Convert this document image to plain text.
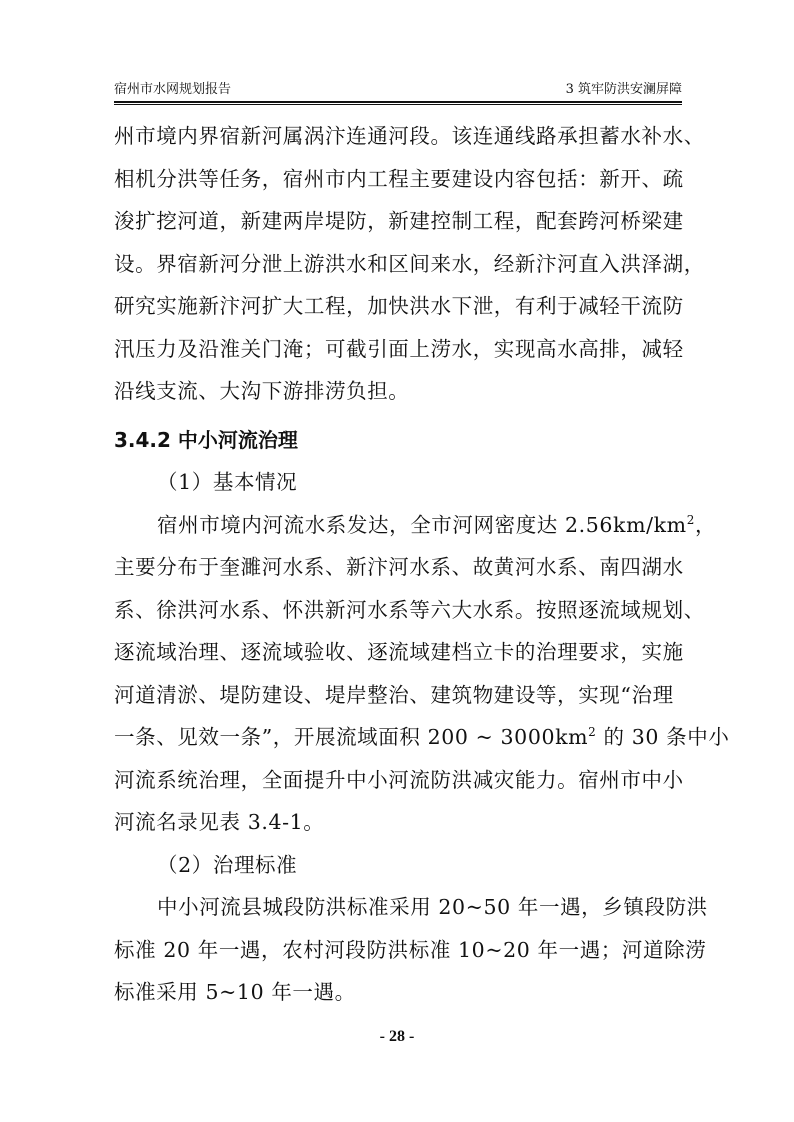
宿州市水网规划报告	3 筑牢防洪安澜屏障
州市境内界宿新河属涡汴连通河段。该连通线路承担蓄水补水、
相机分洪等任务，宿州市内工程主要建设内容包括：新开、疏
浚扩挖河道，新建两岸堤防，新建控制工程，配套跨河桥梁建
设。界宿新河分泄上游洪水和区间来水，经新汴河直入洪泽湖，
研究实施新汴河扩大工程，加快洪水下泄，有利于减轻干流防
汛压力及沿淮关门淹；可截引面上涝水，实现高水高排，减轻
沿线支流、大沟下游排涝负担。
3.4.2 中小河流治理
（1）基本情况
宿州市境内河流水系发达，全市河网密度达 $2.56km/km^2$，
主要分布于奎濉河水系、新汴河水系、故黄河水系、南四湖水
系、徐洪河水系、怀洪新河水系等六大水系。按照逐流域规划、
逐流域治理、逐流域验收、逐流域建档立卡的治理要求，实施
河道清淤、堤防建设、堤岸整治、建筑物建设等，实现“治理
一条、见效一条”，开展流域面积 200 ~ $3000km^2$ 的 30 条中小
河流系统治理，全面提升中小河流防洪减灾能力。宿州市中小
河流名录见表 3.4-1。
（2）治理标准
中小河流县城段防洪标准采用 20~50 年一遇，乡镇段防洪
标准 20 年一遇，农村河段防洪标准 10~20 年一遇；河道除涝
标准采用 5~10 年一遇。
- 28 -
